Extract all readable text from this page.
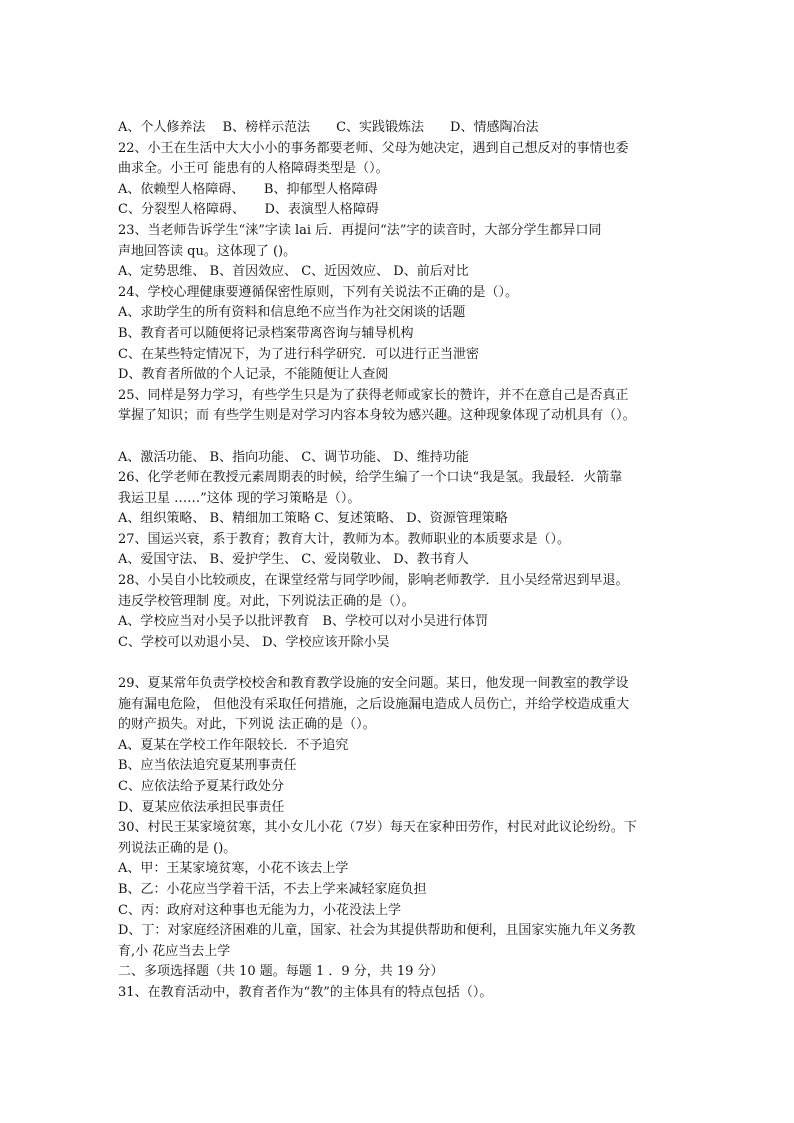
A、个人修养法　 B、榜样示范法　　C、实践锻炼法　　D、情感陶冶法
22、小王在生活中大大小小的事务都要老师、父母为她决定，遇到自己想反对的事情也委
曲求全。小王可 能患有的人格障碍类型是（）。
A、依赖型人格障碍、　　B、抑郁型人格障碍
C、分裂型人格障碍、　　D、表演型人格障碍
23、当老师告诉学生“涞”字读 lai 后．再提问“法”字的读音时，大部分学生都异口同
声地回答读 qu。这体现了 ()。
A、定势思维、 B、首因效应、 C、近因效应、 D、前后对比
24、学校心理健康要遵循保密性原则，下列有关说法不正确的是（）。
A、求助学生的所有资料和信息绝不应当作为社交闲谈的话题
B、教育者可以随便将记录档案带离咨询与辅导机构
C、在某些特定情况下，为了进行科学研究．可以进行正当泄密
D、教育者所做的个人记录，不能随便让人查阅
25、同样是努力学习，有些学生只是为了获得老师或家长的赞许，并不在意自己是否真正
掌握了知识；而 有些学生则是对学习内容本身较为感兴趣。这种现象体现了动机具有（）。
A、激活功能、 B、指向功能、 C、调节功能、 D、维持功能
26、化学老师在教授元素周期表的时候，给学生编了一个口诀“我是氢。我最轻．火箭靠
我运卫星 ……”这体 现的学习策略是（）。
A、组织策略、 B、精细加工策略 C、复述策略、 D、资源管理策略
27、国运兴衰，系于教育；教育大计，教师为本。教师职业的本质要求是（）。
A、爱国守法、 B、爱护学生、 C、爱岗敬业、 D、教书育人
28、小吴自小比较顽皮，在课堂经常与同学吵闹，影响老师教学．且小吴经常迟到早退。
违反学校管理制 度。对此，下列说法正确的是（）。
A、学校应当对小吴予以批评教育　B、学校可以对小吴进行体罚
C、学校可以劝退小吴、 D、学校应该开除小吴
29、夏某常年负责学校校舍和教育教学设施的安全问题。某日，他发现一间教室的教学设
施有漏电危险， 但他没有采取任何措施，之后设施漏电造成人员伤亡，并给学校造成重大
的财产损失。对此，下列说 法正确的是（）。
A、夏某在学校工作年限较长．不予追究
B、应当依法追究夏某刑事责任
C、应依法给予夏某行政处分
D、夏某应依法承担民事责任
30、村民王某家境贫寒，其小女儿小花（7岁）每天在家种田劳作，村民对此议论纷纷。下
列说法正确的是 ()。
A、甲：王某家境贫寒，小花不该去上学
B、乙：小花应当学着干活，不去上学来减轻家庭负担
C、丙：政府对这种事也无能为力，小花没法上学
D、丁：对家庭经济困难的儿童，国家、社会为其提供帮助和便利，且国家实施九年义务教
育,小 花应当去上学
二、多项选择题（共 10 题。每题 1 ．9 分，共 19 分）
31、在教育活动中，教育者作为“教”的主体具有的特点包括（）。
